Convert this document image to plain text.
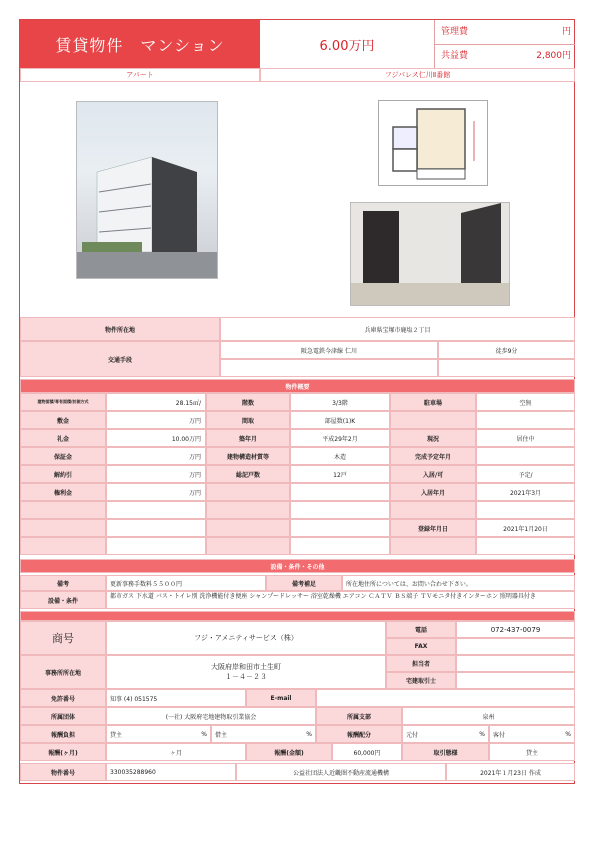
賃貸物件　マンション	6.00万円
管理費	円
共益費	2,800円
アパート	フジパレス仁川Ⅱ番館
物件所在地	兵庫県宝塚市鹿塩２丁目
交通手段
阪急電鉄今津線 仁川	徒歩9分
物件概要
建物面積/専有面積/計測方式	28.15㎡/	階数	3/3階	駐車場	空無
敷金	万円	間取	部屋数(1)K
礼金	10.00万円	築年月	平成29年2月	現況	居住中
保証金	万円	建物構造材質等	木造	完成予定年月
解約引	万円	総記戸数	12戸	入居/可	予定/
権利金	万円	入居年月	2021年3月
登録年月日	2021年1月20日
設備・条件・その他
備考	更新事務手数料５５００円	備考補足	所在地住所については、お問い合わせ下さい。
設備・条件
都市ガス 下水道 バス・トイレ別 洗浄機能付き便座 シャンプードレッサー 浴室乾燥機 エアコン ＣＡＴＶ ＢＳ端子 ＴＶモニタ付きインターホン 照明器具付き
商号	フジ・アメニティサービス（株）
電話	072-437-0079
FAX
事務所所在地
大阪府岸和田市土生町
１－４－２３
担当者
宅建取引士
免許番号	知事 (4) 051575	E-mail
所属団体	(一社) 大阪府宅地建物取引業協会	所属支部	泉州
報酬負担	貸主	% 借主	%	報酬配分	元付	% 客付	%
報酬(ヶ月)	ヶ月	報酬(金額)	60,000円	取引態様	貸主
物件番号	330035288960	公益社団法人近畿圏不動産流通機構	2021年１月23日 作成
